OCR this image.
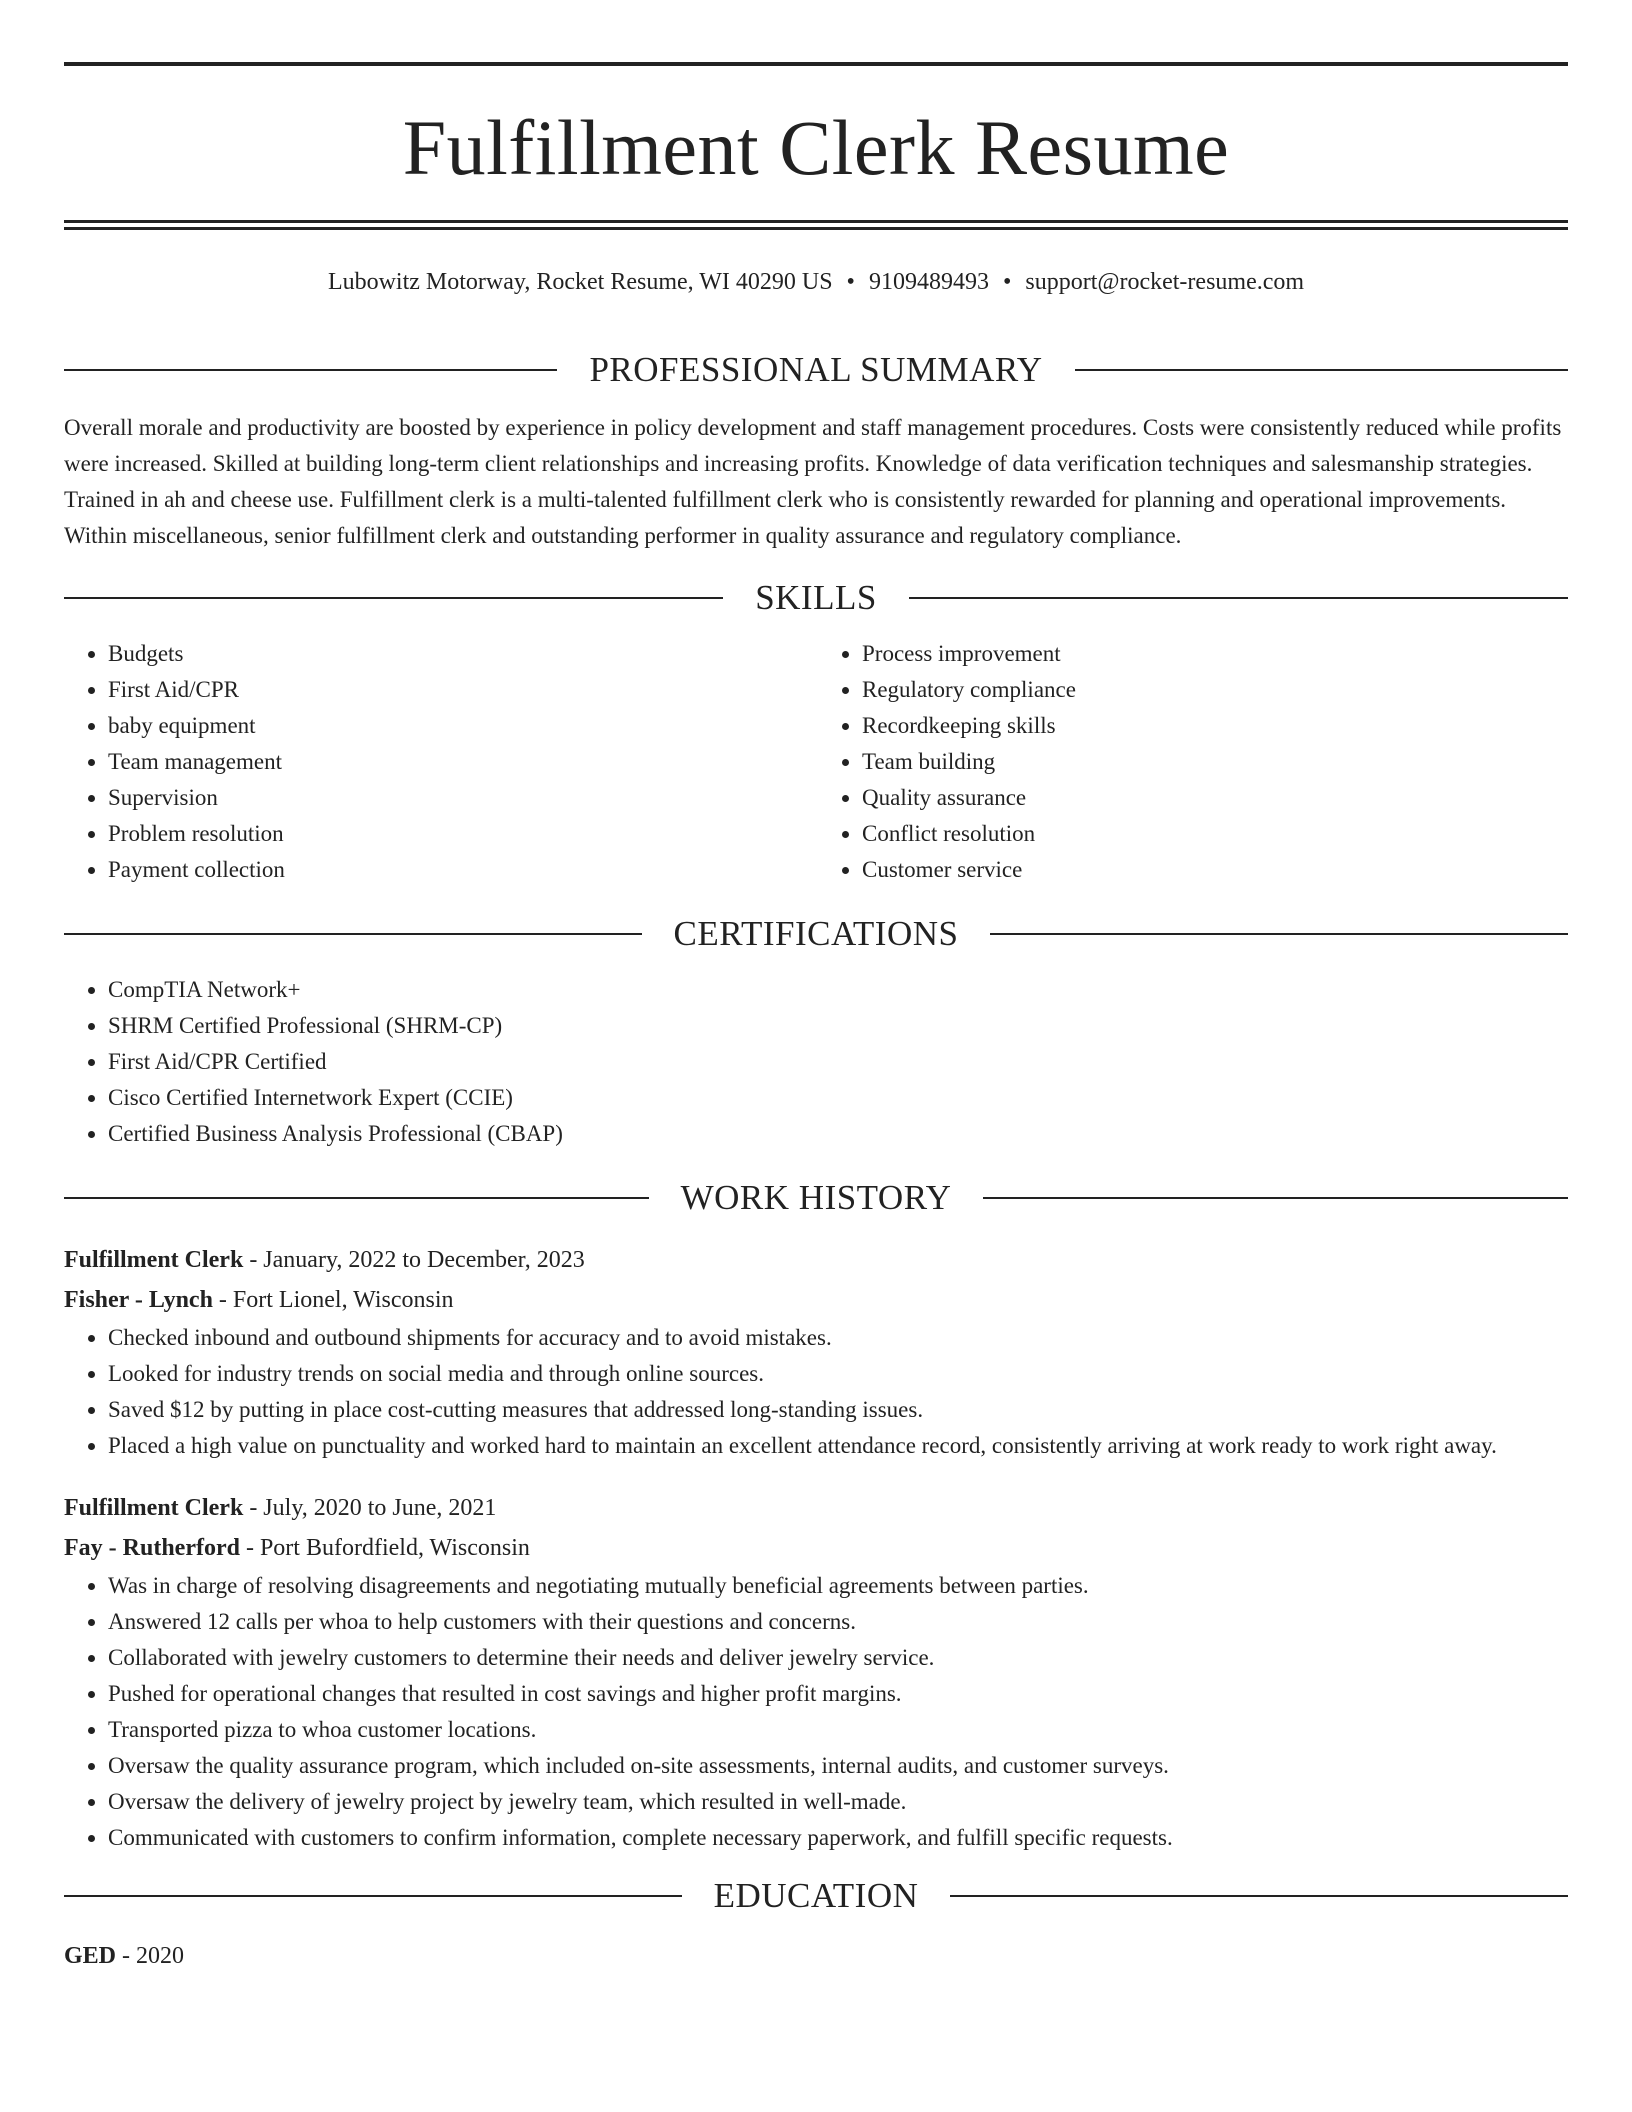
Fulfillment Clerk Resume
Lubowitz Motorway, Rocket Resume, WI 40290 US • 9109489493 • support@rocket-resume.com
PROFESSIONAL SUMMARY
Overall morale and productivity are boosted by experience in policy development and staff management procedures. Costs were consistently reduced while profits were increased. Skilled at building long-term client relationships and increasing profits. Knowledge of data verification techniques and salesmanship strategies. Trained in ah and cheese use. Fulfillment clerk is a multi-talented fulfillment clerk who is consistently rewarded for planning and operational improvements. Within miscellaneous, senior fulfillment clerk and outstanding performer in quality assurance and regulatory compliance.
SKILLS
• Budgets
• First Aid/CPR
• baby equipment
• Team management
• Supervision
• Problem resolution
• Payment collection
• Process improvement
• Regulatory compliance
• Recordkeeping skills
• Team building
• Quality assurance
• Conflict resolution
• Customer service
CERTIFICATIONS
• CompTIA Network+
• SHRM Certified Professional (SHRM-CP)
• First Aid/CPR Certified
• Cisco Certified Internetwork Expert (CCIE)
• Certified Business Analysis Professional (CBAP)
WORK HISTORY
Fulfillment Clerk - January, 2022 to December, 2023
Fisher - Lynch - Fort Lionel, Wisconsin
• Checked inbound and outbound shipments for accuracy and to avoid mistakes.
• Looked for industry trends on social media and through online sources.
• Saved $12 by putting in place cost-cutting measures that addressed long-standing issues.
• Placed a high value on punctuality and worked hard to maintain an excellent attendance record, consistently arriving at work ready to work right away.
Fulfillment Clerk - July, 2020 to June, 2021
Fay - Rutherford - Port Bufordfield, Wisconsin
• Was in charge of resolving disagreements and negotiating mutually beneficial agreements between parties.
• Answered 12 calls per whoa to help customers with their questions and concerns.
• Collaborated with jewelry customers to determine their needs and deliver jewelry service.
• Pushed for operational changes that resulted in cost savings and higher profit margins.
• Transported pizza to whoa customer locations.
• Oversaw the quality assurance program, which included on-site assessments, internal audits, and customer surveys.
• Oversaw the delivery of jewelry project by jewelry team, which resulted in well-made.
• Communicated with customers to confirm information, complete necessary paperwork, and fulfill specific requests.
EDUCATION
GED - 2020
